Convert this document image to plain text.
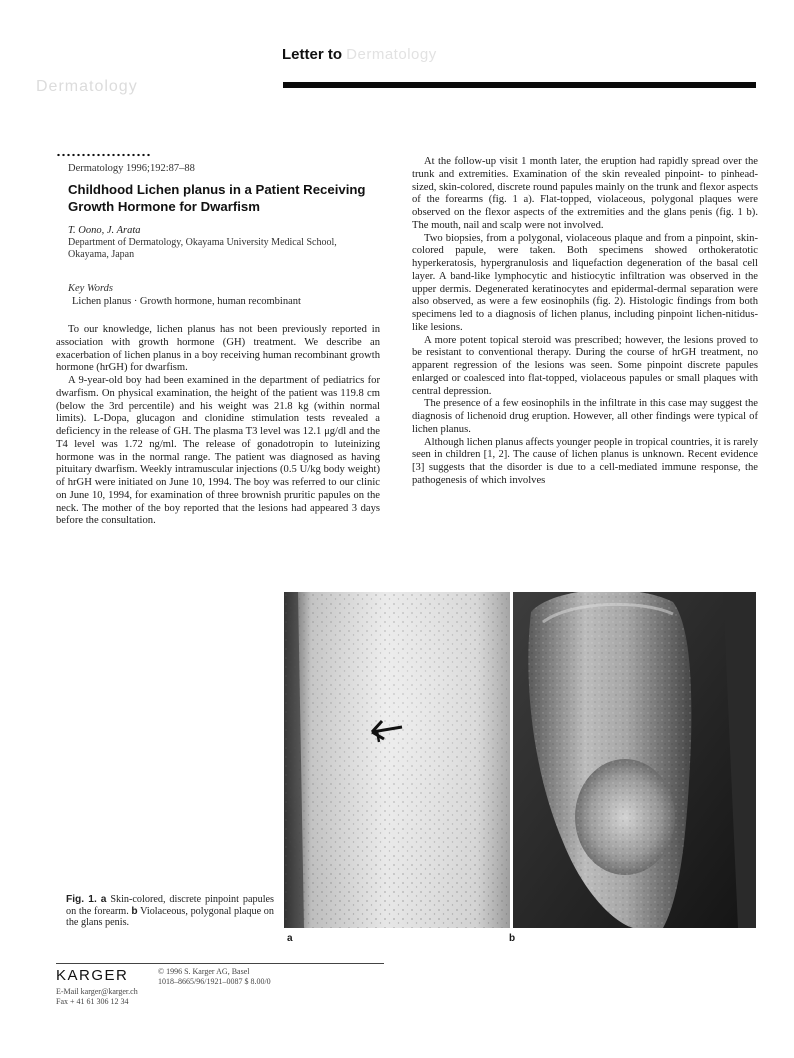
Letter to Dermatology
Dermatology
Dermatology 1996;192:87–88
Childhood Lichen planus in a Patient Receiving Growth Hormone for Dwarfism
T. Oono, J. Arata
Department of Dermatology, Okayama University Medical School, Okayama, Japan
Key Words
Lichen planus · Growth hormone, human recombinant

To our knowledge, lichen planus has not been previously reported in association with growth hormone (GH) treatment. We describe an exacerbation of lichen planus in a boy receiving human recombinant growth hormone (hrGH) for dwarfism.

A 9-year-old boy had been examined in the department of pediatrics for dwarfism. On physical examination, the height of the patient was 119.8 cm (below the 3rd percentile) and his weight was 21.8 kg (within normal limits). L-Dopa, glucagon and clonidine stimulation tests revealed a deficiency in the release of GH. The plasma T3 level was 12.1 μg/dl and the T4 level was 1.72 ng/ml. The release of gonadotropin to luteinizing hormone was in the normal range. The patient was diagnosed as having pituitary dwarfism. Weekly intramuscular injections (0.5 U/kg body weight) of hrGH were initiated on June 10, 1994. The boy was referred to our clinic on June 10, 1994, for examination of three brownish pruritic papules on the neck. The mother of the boy reported that the lesions had appeared 3 days before the consultation.

At the follow-up visit 1 month later, the eruption had rapidly spread over the trunk and extremities. Examination of the skin revealed pinpoint- to pinhead-sized, skin-colored, discrete round papules mainly on the trunk and flexor aspects of the forearms (fig. 1 a). Flat-topped, violaceous, polygonal plaques were observed on the flexor aspects of the extremities and the glans penis (fig. 1 b). The mouth, nail and scalp were not involved.

Two biopsies, from a polygonal, violaceous plaque and from a pinpoint, skin-colored papule, were taken. Both specimens showed orthokeratotic hyperkeratosis, hypergranulosis and liquefaction degeneration of the basal cell layer. A band-like lymphocytic and histiocytic infiltration was observed in the upper dermis. Degenerated keratinocytes and epidermal-dermal separation were also observed, as were a few eosinophils (fig. 2). Histologic findings from both specimens led to a diagnosis of lichen planus, including pinpoint lichen-nitidus-like lesions.

A more potent topical steroid was prescribed; however, the lesions proved to be resistant to conventional therapy. During the course of hrGH treatment, no apparent regression of the lesions was seen. Some pinpoint discrete papules enlarged or coalesced into flat-topped, violaceous papules or small plaques with central depression.

The presence of a few eosinophils in the infiltrate in this case may suggest the diagnosis of lichenoid drug eruption. However, all other findings were typical of lichen planus.

Although lichen planus affects younger people in tropical countries, it is rarely seen in children [1, 2]. The cause of lichen planus is unknown. Recent evidence [3] suggests that the disorder is due to a cell-mediated immune response, the pathogenesis of which involves

a	b
Fig. 1. a Skin-colored, discrete pinpoint papules on the forearm. b Violaceous, polygonal plaque on the glans penis.
KARGER	© 1996 S. Karger AG, Basel
1018–8665/96/1921–0087 $ 8.00/0
E-Mail karger@karger.ch
Fax + 41 61 306 12 34
